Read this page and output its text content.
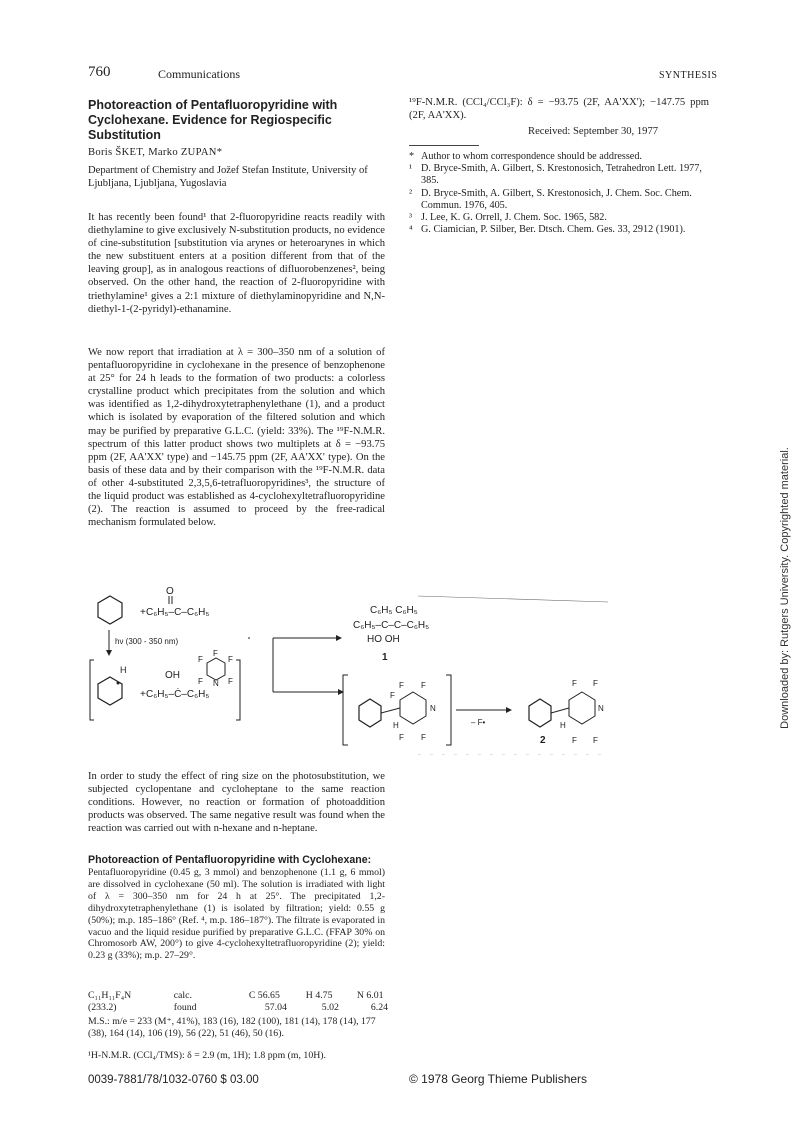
760	Communications	SYNTHESIS
Photoreaction of Pentafluoropyridine with Cyclohexane. Evidence for Regiospecific Substitution
Boris ŠKET, Marko ZUPAN*
Department of Chemistry and Jožef Stefan Institute, University of Ljubljana, Ljubljana, Yugoslavia

It has recently been found¹ that 2-fluoropyridine reacts readily with diethylamine to give exclusively N-substitution products, no evidence of cine-substitution [substitution via arynes or heteroarynes in which the new substituent enters at a position different from that of the leaving group], as in analogous reactions of difluorobenzenes², being observed. On the other hand, the reaction of 2-fluoropyridine with triethylamine¹ gives a 2:1 mixture of diethylaminopyridine and N,N-diethyl-1-(2-pyridyl)-ethanamine.

We now report that irradiation at λ = 300–350 nm of a solution of pentafluoropyridine in cyclohexane in the presence of benzophenone at 25° for 24 h leads to the formation of two products: a colorless crystalline product which precipitates from the solution and which was identified as 1,2-dihydroxytetraphenylethane (1), and a product which is isolated by evaporation of the filtered solution and which may be purified by preparative G.L.C. (yield: 33%). The ¹⁹F-N.M.R. spectrum of this latter product shows two multiplets at δ = −93.75 ppm (2F, AA'XX' type) and −145.75 ppm (2F, AA'XX' type). On the basis of these data and by their comparison with the ¹⁹F-N.M.R. data of other 4-substituted 2,3,5,6-tetrafluoropyridines³, the structure of the liquid product was established as 4-cyclohexyltetrafluoropyridine (2). The reaction is assumed to proceed by the free-radical mechanism formulated below.

¹⁹F-N.M.R. (CCl₄/CCl₃F): δ = −93.75 (2F, AA'XX'); −147.75 ppm (2F, AA'XX).
Received: September 30, 1977
* Author to whom correspondence should be addressed.
¹ D. Bryce-Smith, A. Gilbert, S. Krestonosich, Tetrahedron Lett. 1977, 385.
² D. Bryce-Smith, A. Gilbert, S. Krestonosich, J. Chem. Soc. Chem. Commun. 1976, 405.
³ J. Lee, K. G. Orrell, J. Chem. Soc. 1965, 582.
⁴ G. Ciamician, P. Silber, Ber. Dtsch. Chem. Ges. 33, 2912 (1901).
+
O
C₆H₅–C–C₆H₅
hν (300 - 350 nm)
H
+
OH
C₆H₅–Ċ–C₆H₅
F
F	F
F	F
N
C₆H₅ C₆H₅
C₆H₅–C–C–C₆H₅
HO OH
1
F F
F
N
H
F F
– F•
F F
N
H
2	F F

In order to study the effect of ring size on the photosubstitution, we subjected cyclopentane and cycloheptane to the same reaction conditions. However, no reaction or formation of photoaddition products was observed. The same negative result was found when the reaction was carried out with n-hexane and n-heptane.

Photoreaction of Pentafluoropyridine with Cyclohexane:
Pentafluoropyridine (0.45 g, 3 mmol) and benzophenone (1.1 g, 6 mmol) are dissolved in cyclohexane (50 ml). The solution is irradiated with light of λ = 300–350 nm for 24 h at 25°. The precipitated 1,2-dihydroxytetraphenylethane (1) is isolated by filtration; yield: 0.55 g (50%); m.p. 185–186° (Ref. ⁴, m.p. 186–187°). The filtrate is evaporated in vacuo and the liquid residue purified by preparative G.L.C. (FFAP 30% on Chromosorb AW, 200°) to give 4-cyclohexyltetrafluoropyridine (2); yield: 0.23 g (33%); m.p. 27–29°.
C₁₁H₁₁F₄N	calc.	C 56.65	H 4.75	N 6.01
(233.2)	found	57.04	5.02	6.24
M.S.: m/e = 233 (M⁺, 41%), 183 (16), 182 (100), 181 (14), 178 (14), 177 (38), 164 (14), 106 (19), 56 (22), 51 (46), 50 (16).
¹H-N.M.R. (CCl₄/TMS): δ = 2.9 (m, 1H); 1.8 ppm (m, 10H).
0039-7881/78/1032-0760 $ 03.00	© 1978 Georg Thieme Publishers
Downloaded by: Rutgers University. Copyrighted material.
